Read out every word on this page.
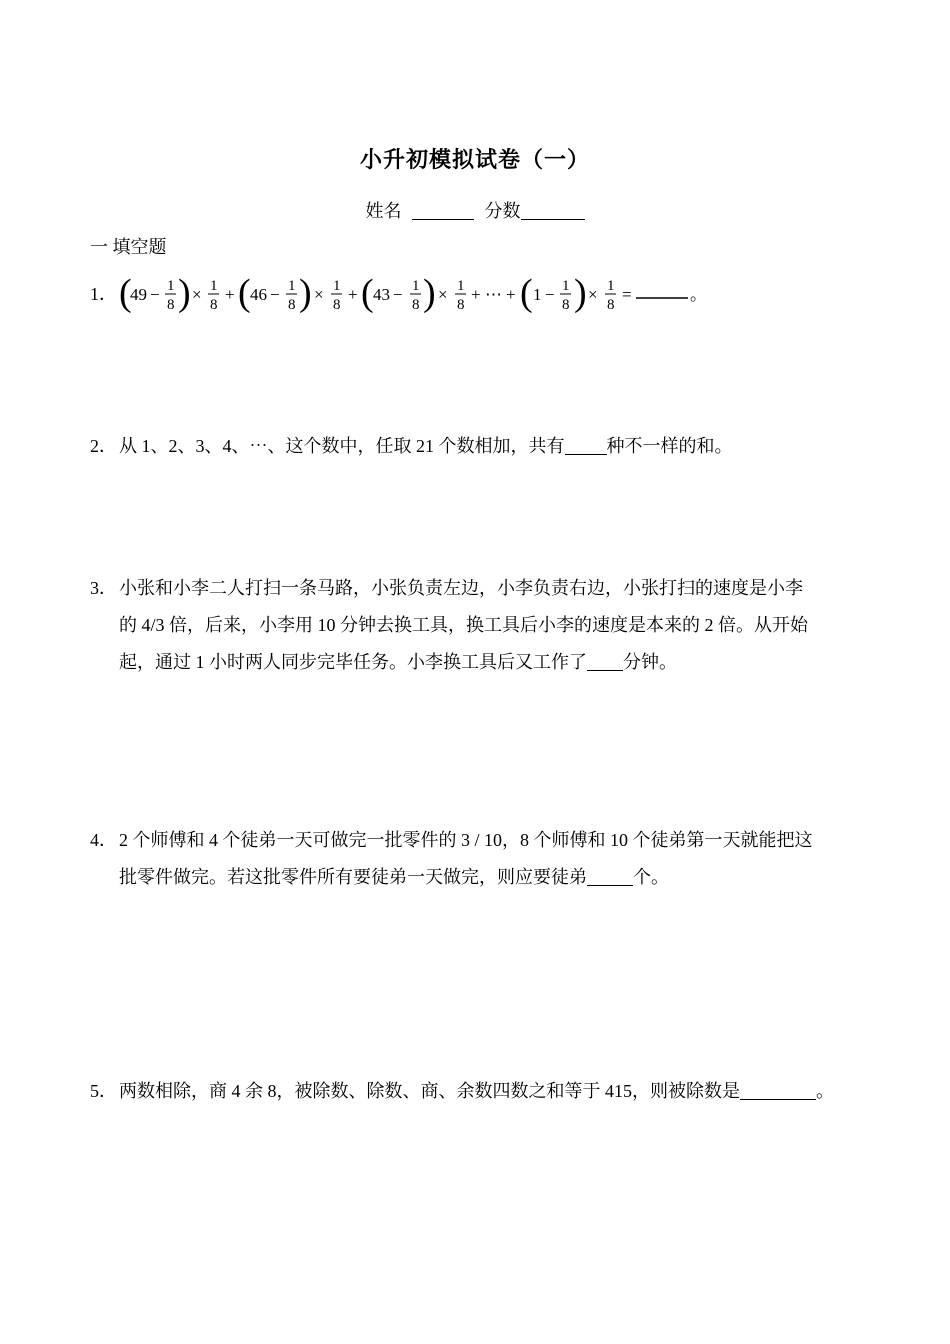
小升初模拟试卷（一）
姓名	分数
一 填空题
1． (
49 − 1
8 ) × 1
8
+ ( 46 − 1
8 ) × 1
8
+ ( 43 − 1
8 ) × 1
8
+ ⋯ + ( 1 − 1
8 ) × 1
8
=	。
2． 从 1、2、3、4、⋯、这个数中，任取 21 个数相加，共有 种不一样的和。
3． 小张和小李二人打扫一条马路，小张负责左边，小李负责右边，小张打扫的速度是小李
的 4/3 倍，后来，小李用 10 分钟去换工具，换工具后小李的速度是本来的 2 倍。从开始
起，通过 1 小时两人同步完毕任务。小李换工具后又工作了 分钟。
4． 2 个师傅和 4 个徒弟一天可做完一批零件的 3 / 10，8 个师傅和 10 个徒弟第一天就能把这
批零件做完。若这批零件所有要徒弟一天做完，则应要徒弟	个。
5． 两数相除，商 4 余 8，被除数、除数、商、余数四数之和等于 415，则被除数是	。
